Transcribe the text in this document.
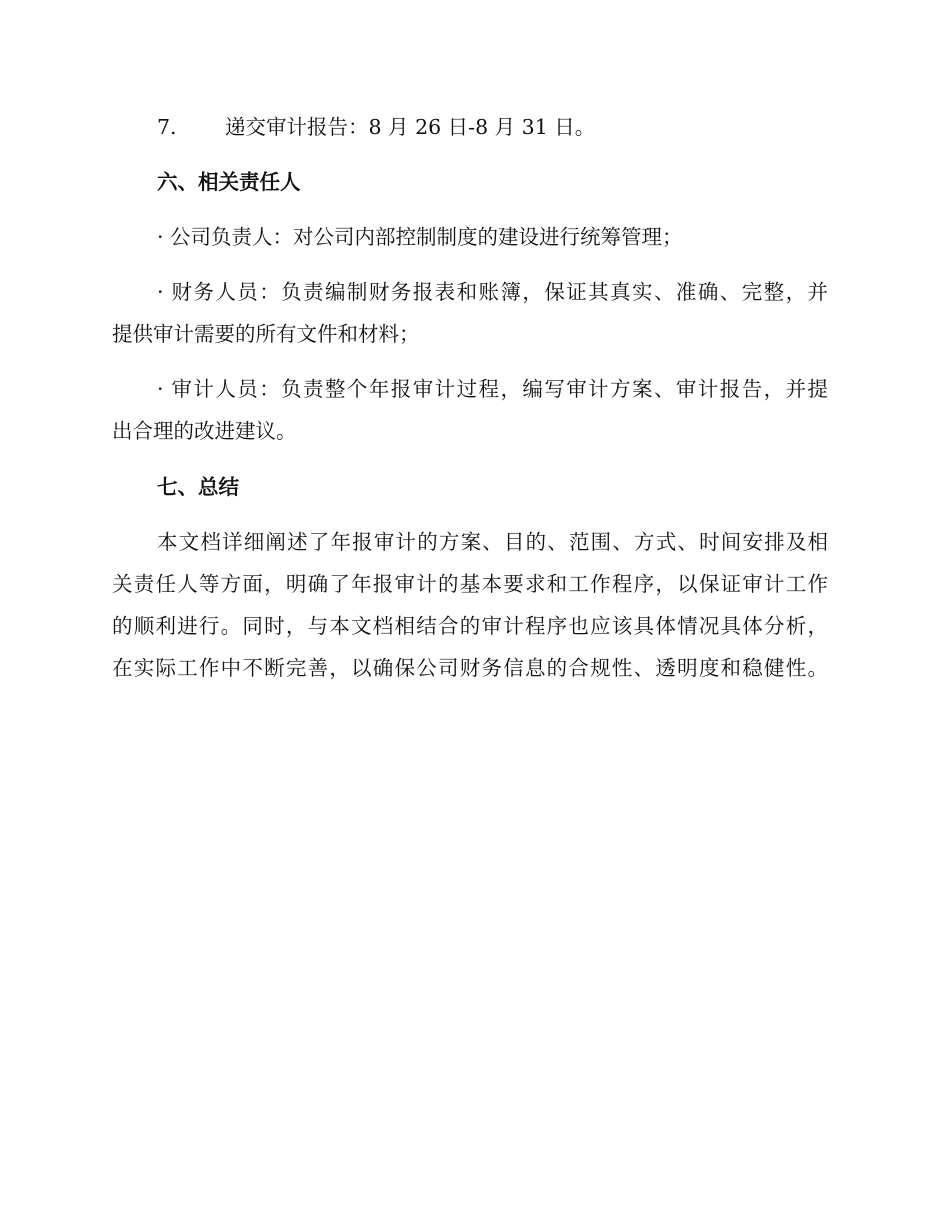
7. 递交审计报告：8 月 26 日-8 月 31 日。
六、相关责任人
· 公司负责人：对公司内部控制制度的建设进行统筹管理；
· 财务人员：负责编制财务报表和账簿，保证其真实、准确、完整，并
提供审计需要的所有文件和材料；
· 审计人员：负责整个年报审计过程，编写审计方案、审计报告，并提
出合理的改进建议。
七、总结
本文档详细阐述了年报审计的方案、目的、范围、方式、时间安排及相
关责任人等方面，明确了年报审计的基本要求和工作程序，以保证审计工作
的顺利进行。同时，与本文档相结合的审计程序也应该具体情况具体分析，
在实际工作中不断完善，以确保公司财务信息的合规性、透明度和稳健性。
